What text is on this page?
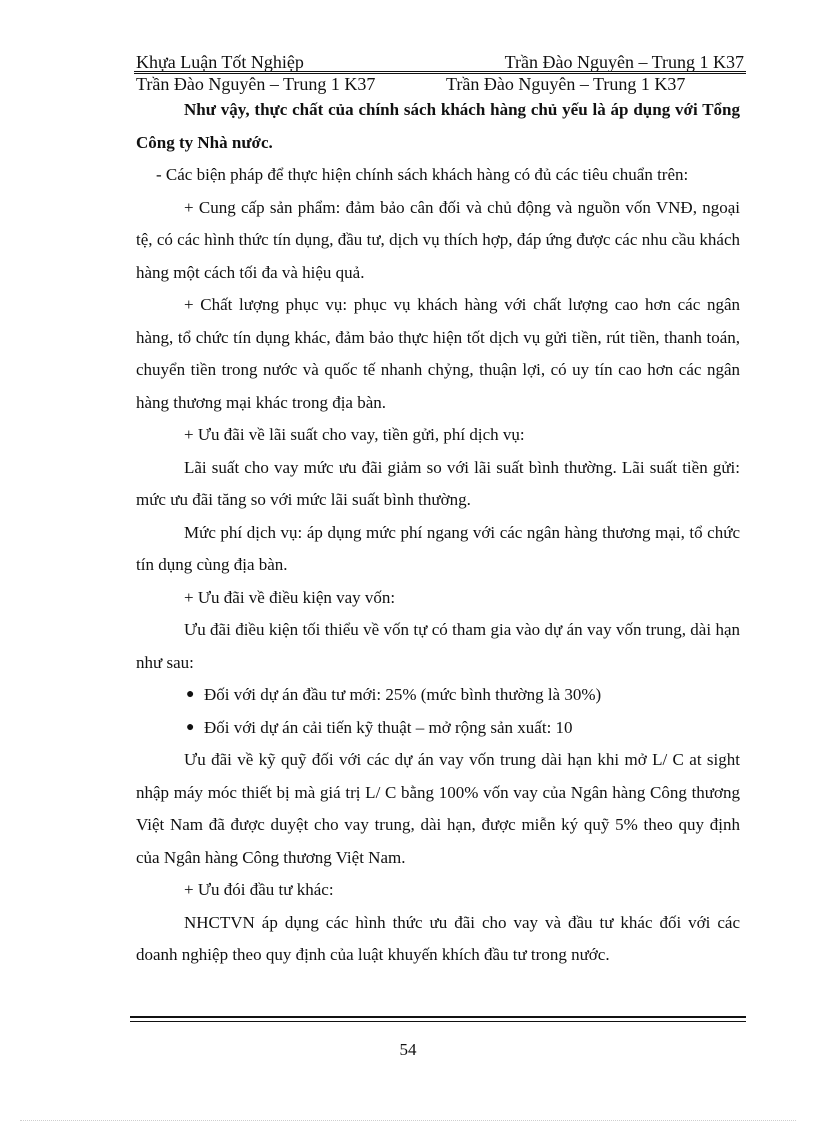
Khựa Luận Tốt Nghiệp	Trần Đào Nguyên – Trung 1 K37
Trần Đào Nguyên – Trung 1 K37	Trần Đào Nguyên – Trung 1 K37

Như vậy, thực chất của chính sách khách hàng chủ yếu là áp dụng với Tổng Công ty Nhà nước.

- Các biện pháp để thực hiện chính sách khách hàng có đủ các tiêu chuẩn trên:

+ Cung cấp sản phẩm: đảm bảo cân đối và chủ động và nguồn vốn VNĐ, ngoại tệ, có các hình thức tín dụng, đầu tư, dịch vụ thích hợp, đáp ứng được các nhu cầu khách hàng một cách tối đa và hiệu quả.

+ Chất lượng phục vụ: phục vụ khách hàng với chất lượng cao hơn các ngân hàng, tổ chức tín dụng khác, đảm bảo thực hiện tốt dịch vụ gửi tiền, rút tiền, thanh toán, chuyển tiền trong nước và quốc tế nhanh chỷng, thuận lợi, có uy tín cao hơn các ngân hàng thương mại khác trong địa bàn.

+ Ưu đãi về lãi suất cho vay, tiền gửi, phí dịch vụ:

Lãi suất cho vay mức ưu đãi giảm so với lãi suất bình thường. Lãi suất tiền gửi: mức ưu đãi tăng so với mức lãi suất bình thường.

Mức phí dịch vụ: áp dụng mức phí ngang với các ngân hàng thương mại, tổ chức tín dụng cùng địa bàn.

+ Ưu đãi về điều kiện vay vốn:

Ưu đãi điều kiện tối thiểu về vốn tự có tham gia vào dự án vay vốn trung, dài hạn như sau:

● Đối với dự án đầu tư mới: 25% (mức bình thường là 30%)

● Đối với dự án cải tiến kỹ thuật – mở rộng sản xuất: 10

Ưu đãi về kỹ quỹ đối với các dự án vay vốn trung dài hạn khi mở L/ C at sight nhập máy móc thiết bị mà giá trị L/ C bằng 100% vốn vay của Ngân hàng Công thương Việt Nam đã được duyệt cho vay trung, dài hạn, được miễn ký quỹ 5% theo quy định của Ngân hàng Công thương Việt Nam.

+ Ưu đói đầu tư khác:

NHCTVN áp dụng các hình thức ưu đãi cho vay và đầu tư khác đối với các doanh nghiệp theo quy định của luật khuyến khích đầu tư trong nước.

54
